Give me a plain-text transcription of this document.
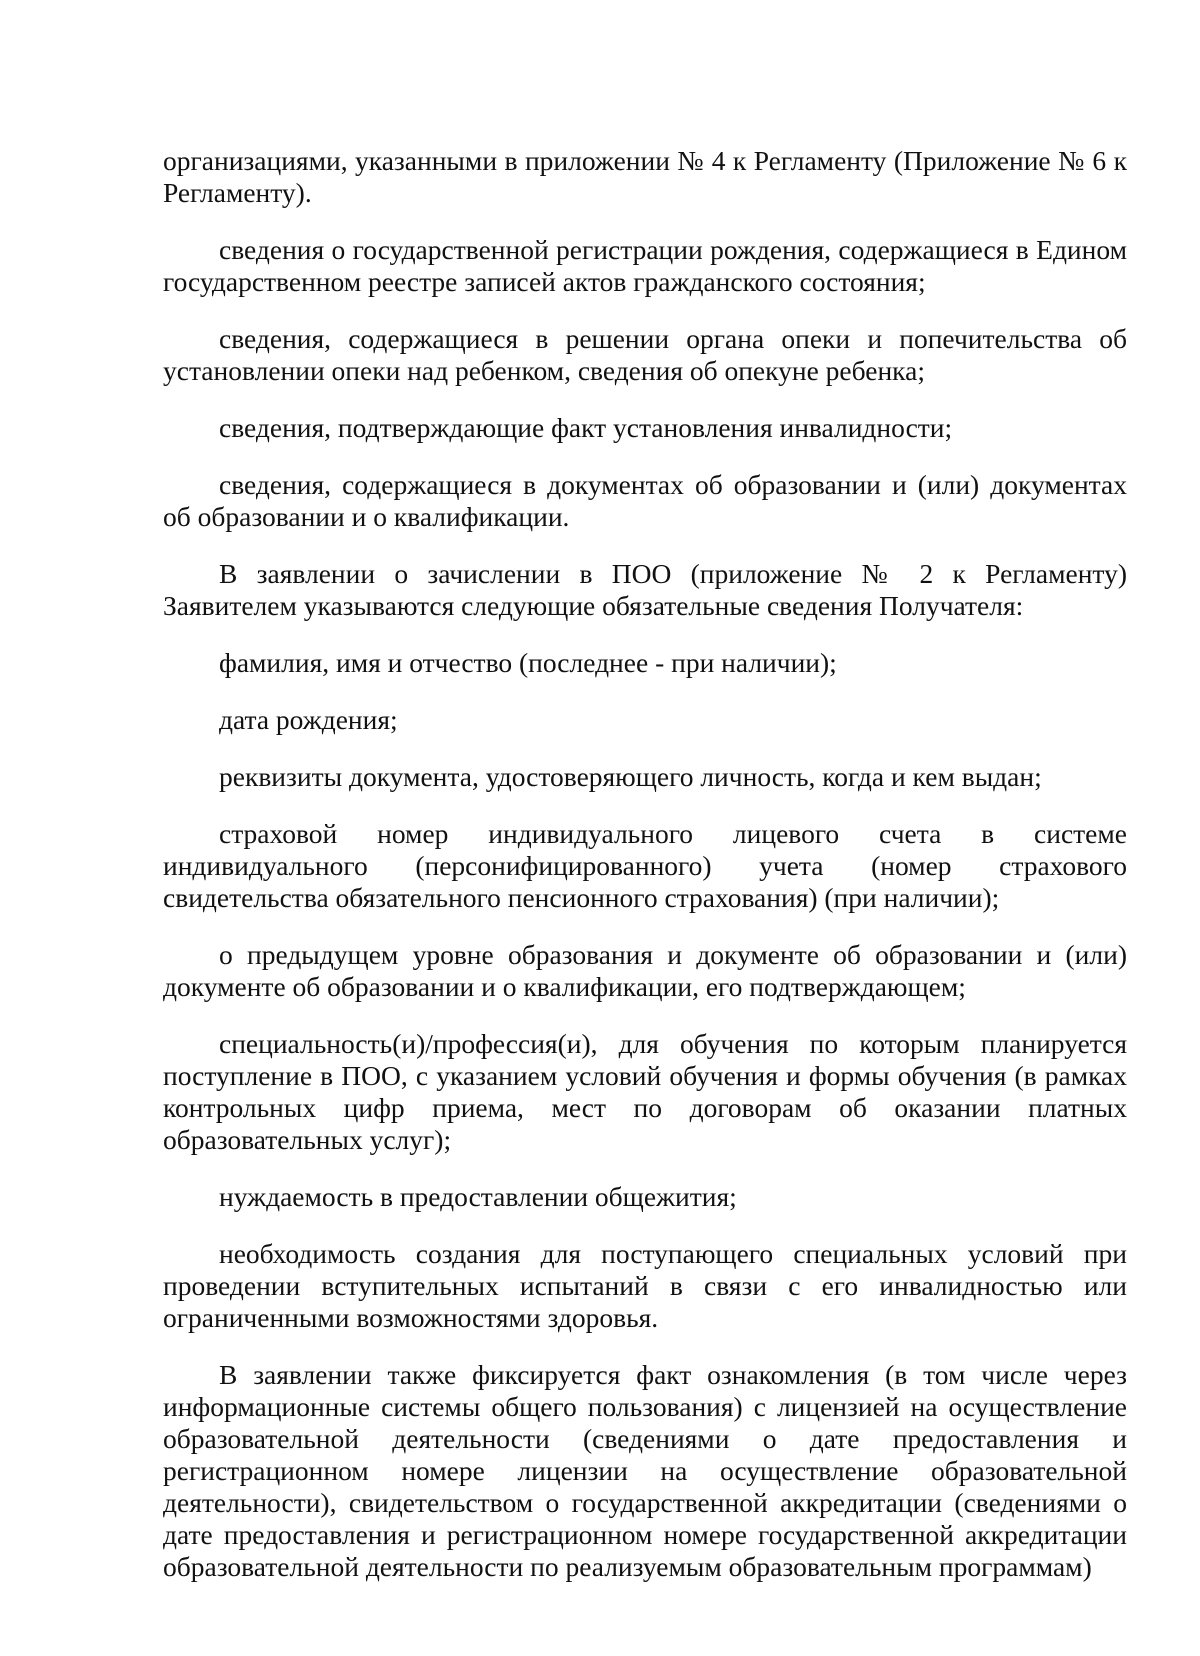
организациями, указанными в приложении № 4 к Регламенту (Приложение № 6 к Регламенту).

сведения о государственной регистрации рождения, содержащиеся в Едином государственном реестре записей актов гражданского состояния;

сведения, содержащиеся в решении органа опеки и попечительства об установлении опеки над ребенком, сведения об опекуне ребенка;

сведения, подтверждающие факт установления инвалидности;

сведения, содержащиеся в документах об образовании и (или) документах об образовании и о квалификации.

В заявлении о зачислении в ПОО (приложение № 2 к Регламенту) Заявителем указываются следующие обязательные сведения Получателя:

фамилия, имя и отчество (последнее - при наличии);

дата рождения;

реквизиты документа, удостоверяющего личность, когда и кем выдан;

страховой номер индивидуального лицевого счета в системе индивидуального (персонифицированного) учета (номер страхового свидетельства обязательного пенсионного страхования) (при наличии);

о предыдущем уровне образования и документе об образовании и (или) документе об образовании и о квалификации, его подтверждающем;

специальность(и)/профессия(и), для обучения по которым планируется поступление в ПОО, с указанием условий обучения и формы обучения (в рамках контрольных цифр приема, мест по договорам об оказании платных образовательных услуг);

нуждаемость в предоставлении общежития;

необходимость создания для поступающего специальных условий при проведении вступительных испытаний в связи с его инвалидностью или ограниченными возможностями здоровья.

В заявлении также фиксируется факт ознакомления (в том числе через информационные системы общего пользования) с лицензией на осуществление образовательной деятельности (сведениями о дате предоставления и регистрационном номере лицензии на осуществление образовательной деятельности), свидетельством о государственной аккредитации (сведениями о дате предоставления и регистрационном номере государственной аккредитации образовательной деятельности по реализуемым образовательным программам)
